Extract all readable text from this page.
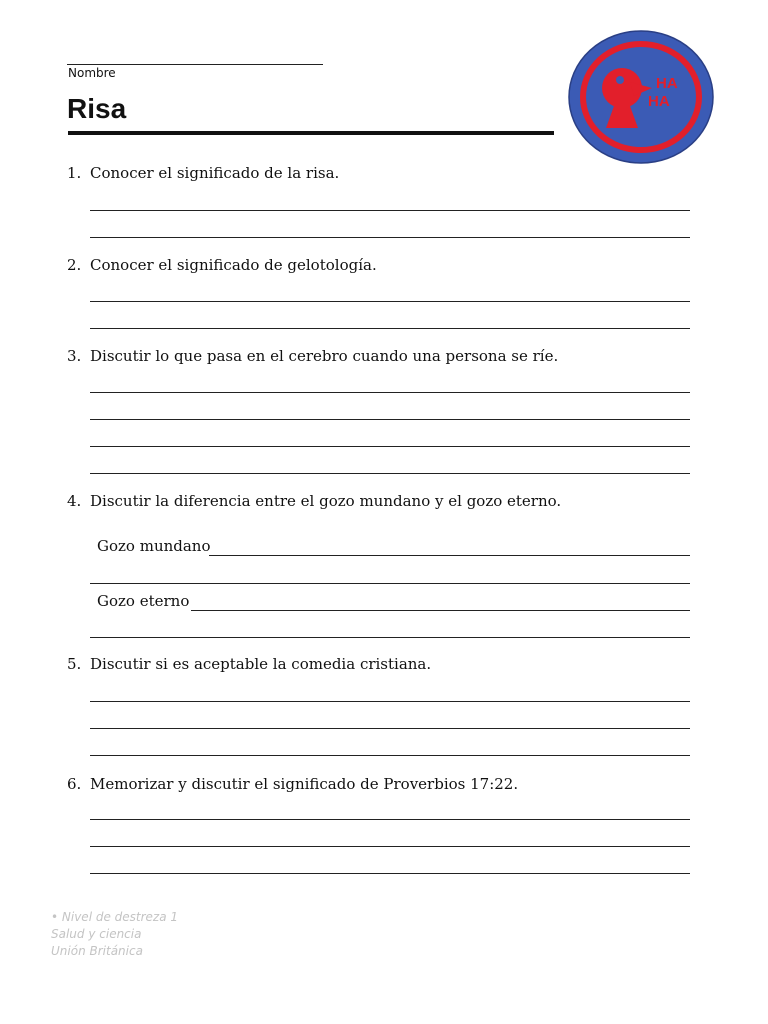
Nombre
Risa
HA
HA
1. Conocer el significado de la risa.
2. Conocer el significado de gelotología.
3. Discutir lo que pasa en el cerebro cuando una persona se ríe.
4. Discutir la diferencia entre el gozo mundano y el gozo eterno.
Gozo mundano
Gozo eterno
5. Discutir si es aceptable la comedia cristiana.
6. Memorizar y discutir el significado de Proverbios 17:22.
• Nivel de destreza 1
Salud y ciencia
Unión Británica
